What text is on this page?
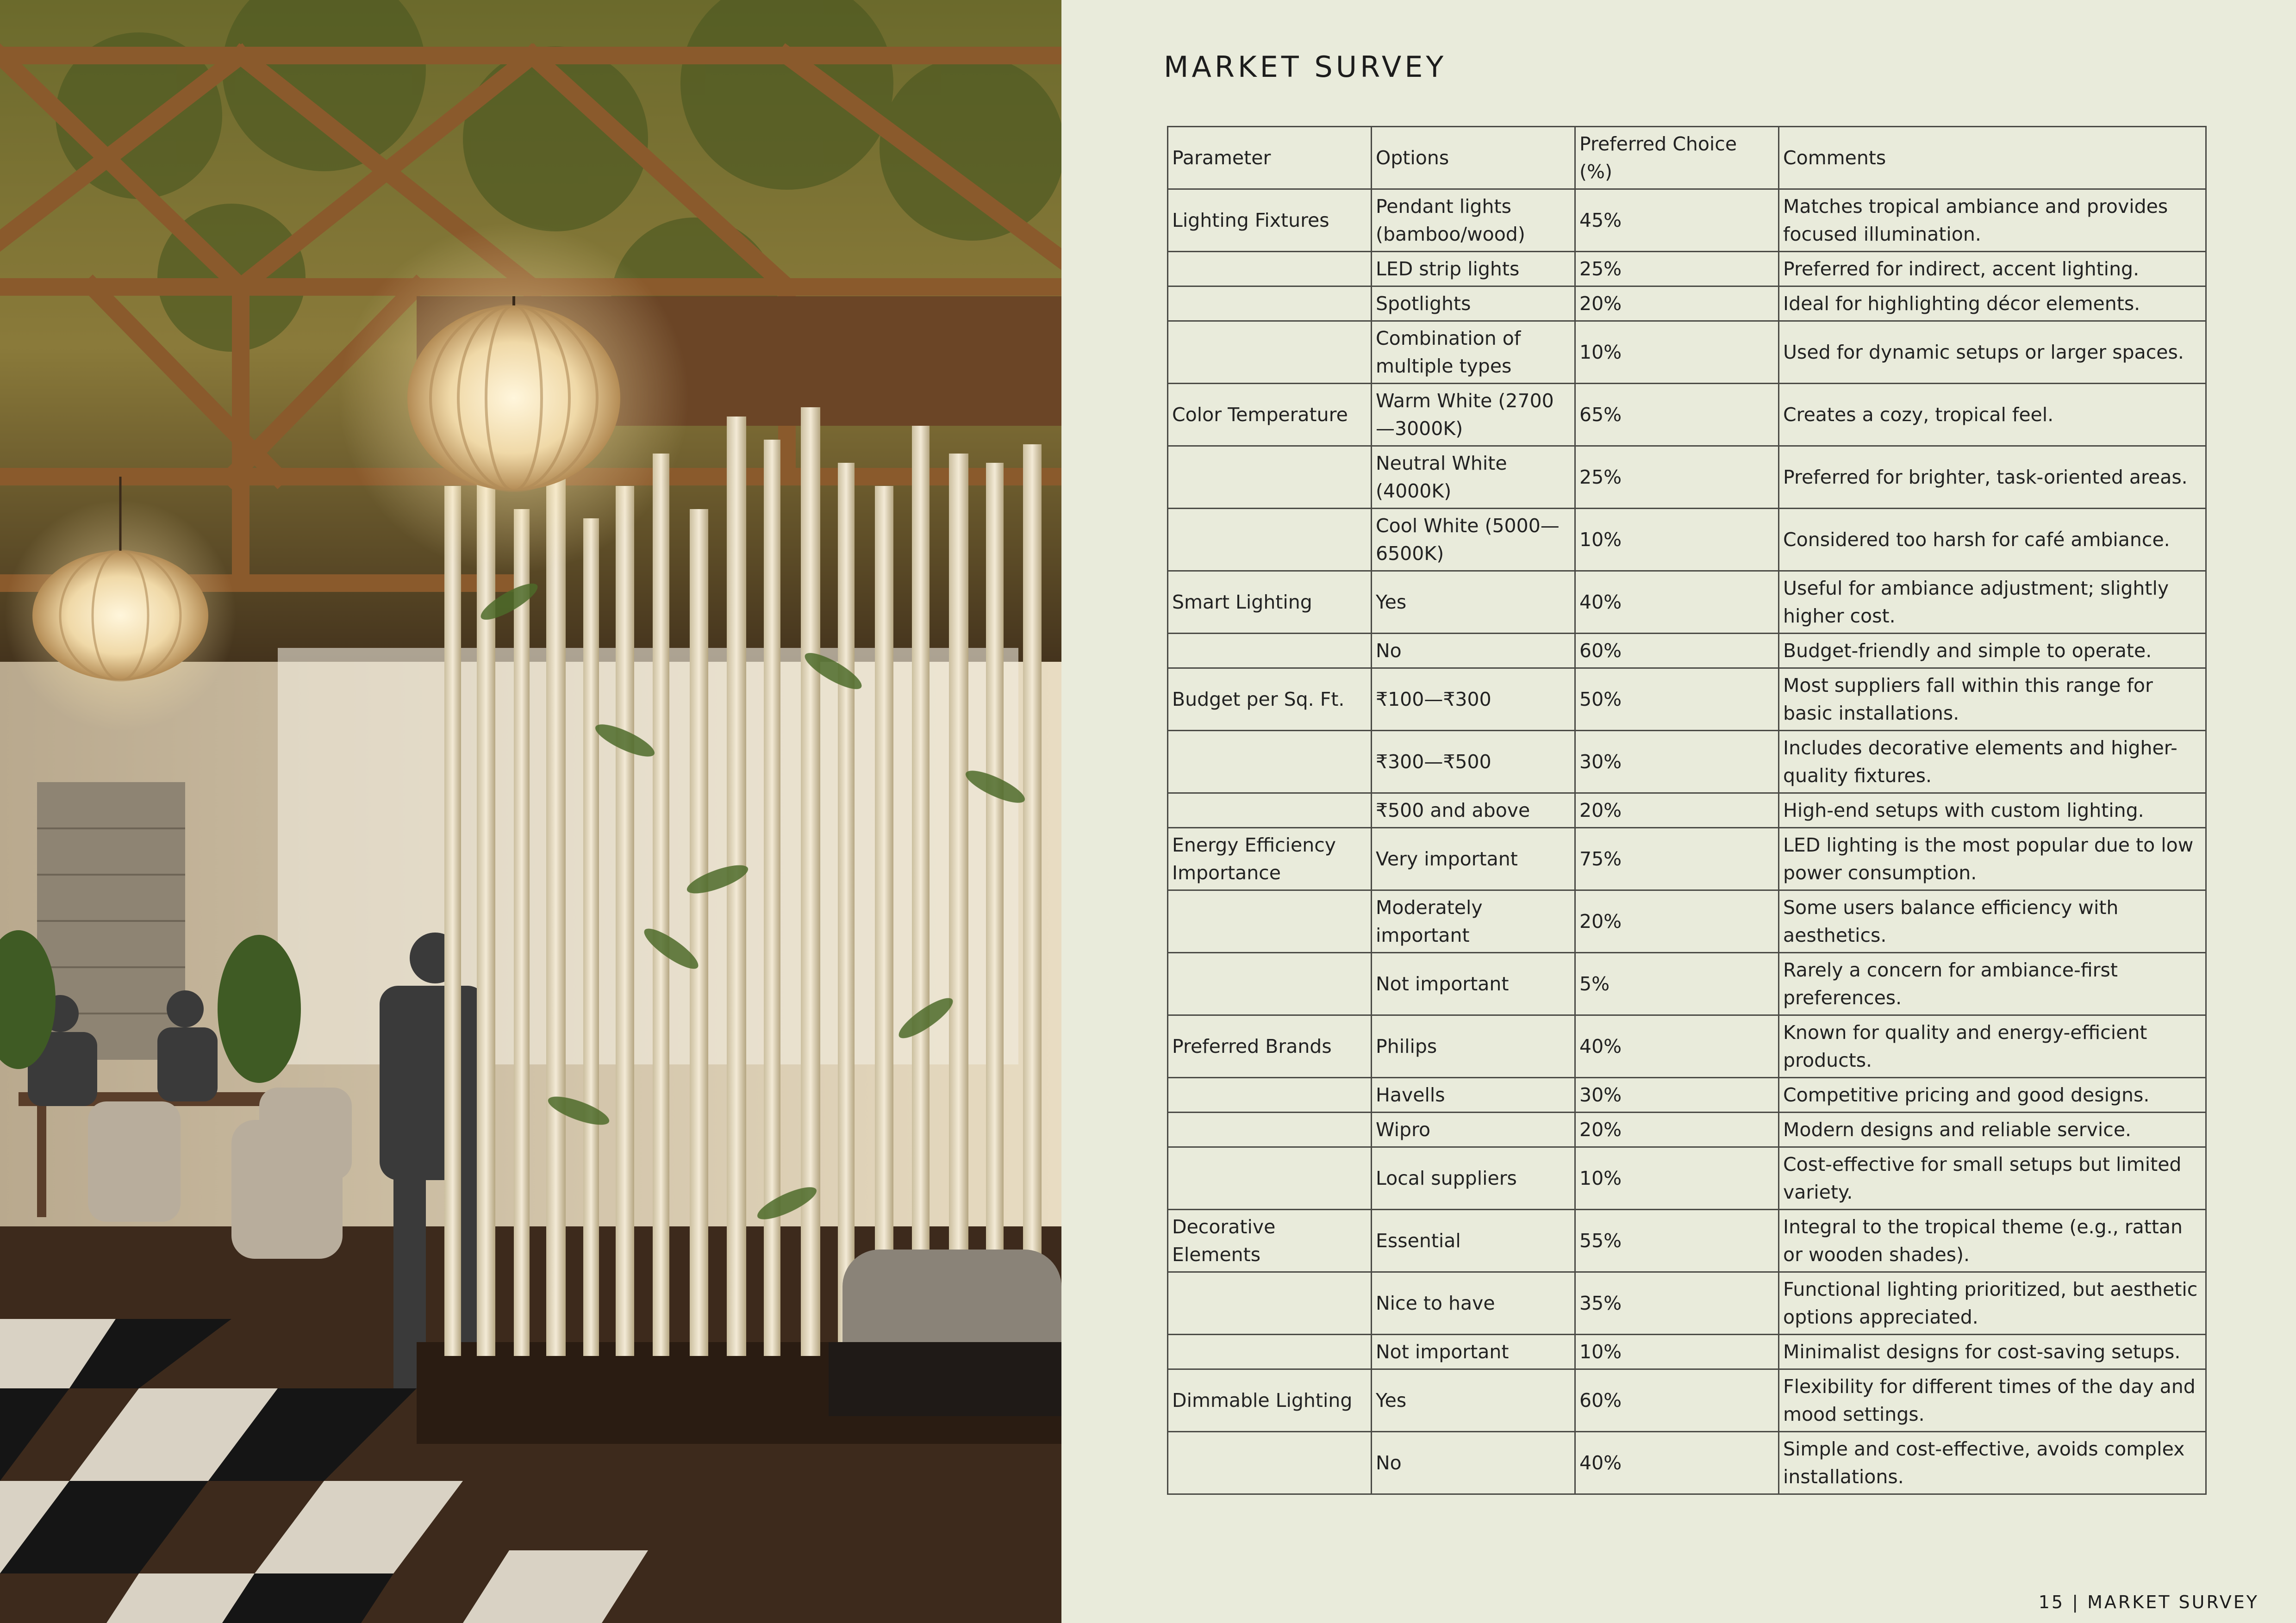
MARKET SURVEY
Parameter	Options	Preferred Choice (%)	Comments
Lighting Fixtures	Pendant lights (bamboo/wood)	45%	Matches tropical ambiance and provides focused illumination.
	LED strip lights	25%	Preferred for indirect, accent lighting.
	Spotlights	20%	Ideal for highlighting décor elements.
	Combination of multiple types	10%	Used for dynamic setups or larger spaces.
Color Temperature	Warm White (2700—3000K)	65%	Creates a cozy, tropical feel.
	Neutral White (4000K)	25%	Preferred for brighter, task-oriented areas.
	Cool White (5000—6500K)	10%	Considered too harsh for café ambiance.
Smart Lighting	Yes	40%	Useful for ambiance adjustment; slightly higher cost.
	No	60%	Budget-friendly and simple to operate.
Budget per Sq. Ft.	₹100—₹300	50%	Most suppliers fall within this range for basic installations.
	₹300—₹500	30%	Includes decorative elements and higher-quality fixtures.
	₹500 and above	20%	High-end setups with custom lighting.
Energy Efficiency Importance	Very important	75%	LED lighting is the most popular due to low power consumption.
	Moderately important	20%	Some users balance efficiency with aesthetics.
	Not important	5%	Rarely a concern for ambiance-first preferences.
Preferred Brands	Philips	40%	Known for quality and energy-efficient products.
	Havells	30%	Competitive pricing and good designs.
	Wipro	20%	Modern designs and reliable service.
	Local suppliers	10%	Cost-effective for small setups but limited variety.
Decorative Elements	Essential	55%	Integral to the tropical theme (e.g., rattan or wooden shades).
	Nice to have	35%	Functional lighting prioritized, but aesthetic options appreciated.
	Not important	10%	Minimalist designs for cost-saving setups.
Dimmable Lighting	Yes	60%	Flexibility for different times of the day and mood settings.
	No	40%	Simple and cost-effective, avoids complex installations.
15 | MARKET SURVEY
